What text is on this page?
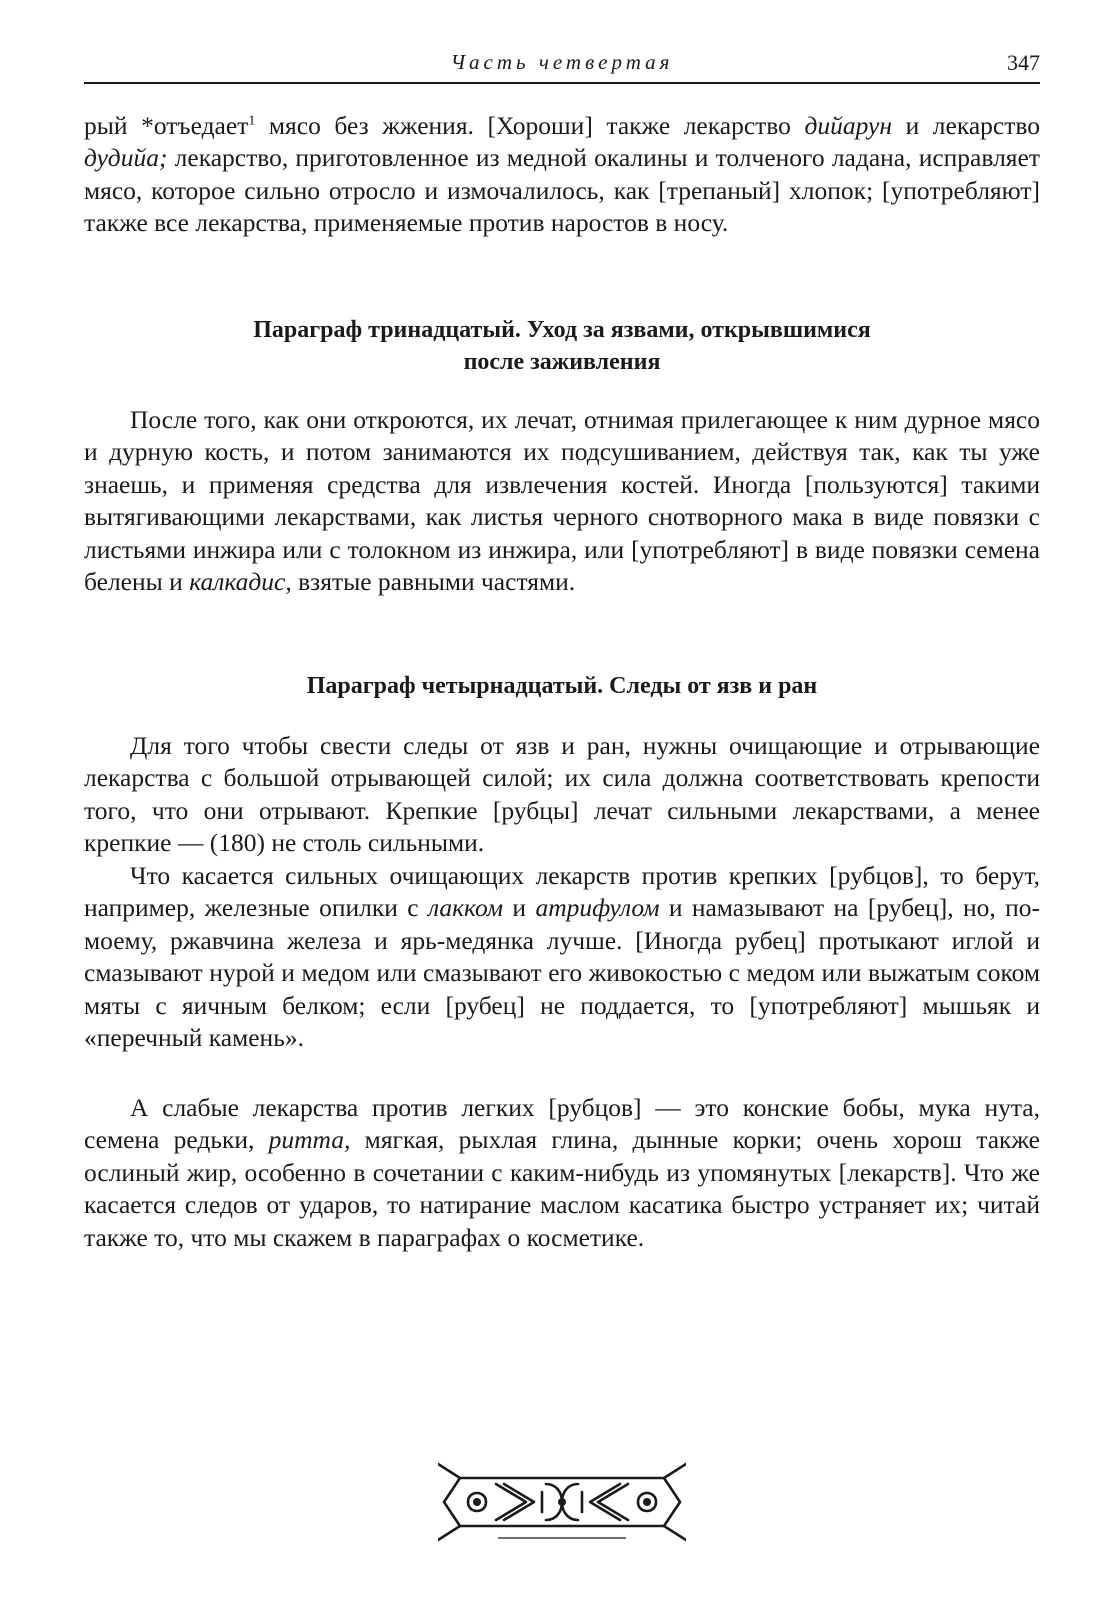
Часть четвертая	347

рый *отъедает$^1$ мясо без жжения. [Хороши] также лекарство дийарун и лекарство дудийа; лекарство, приготовленное из медной окалины и толченого ладана, исправляет мясо, которое сильно отросло и измочалилось, как [трепаный] хлопок; [употребляют] также все лекарства, применяемые против наростов в носу.

Параграф тринадцатый. Уход за язвами, открывшимися
после заживления

После того, как они откроются, их лечат, отнимая прилегающее к ним дурное мясо и дурную кость, и потом занимаются их подсушиванием, действуя так, как ты уже знаешь, и применяя средства для извлечения костей. Иногда [пользуются] такими вытягивающими лекарствами, как листья черного снотворного мака в виде повязки с листьями инжира или с толокном из инжира, или [употребляют] в виде повязки семена белены и калкадис, взятые равными частями.

Параграф четырнадцатый. Следы от язв и ран

Для того чтобы свести следы от язв и ран, нужны очищающие и отрывающие лекарства с большой отрывающей силой; их сила должна соответствовать крепости того, что они отрывают. Крепкие [рубцы] лечат сильными лекарствами, а менее крепкие — (180) не столь сильными.

Что касается сильных очищающих лекарств против крепких [рубцов], то берут, например, железные опилки с лакком и атрифулом и намазывают на [рубец], но, по-моему, ржавчина железа и ярь-медянка лучше. [Иногда рубец] протыкают иглой и смазывают нурой и медом или смазывают его живокостью с медом или выжатым соком мяты с яичным белком; если [рубец] не поддается, то [употребляют] мышьяк и «перечный камень».

А слабые лекарства против легких [рубцов] — это конские бобы, мука нута, семена редьки, ритта, мягкая, рыхлая глина, дынные корки; очень хорош также ослиный жир, особенно в сочетании с каким-нибудь из упомянутых [лекарств]. Что же касается следов от ударов, то натирание маслом касатика быстро устраняет их; читай также то, что мы скажем в параграфах о косметике.
